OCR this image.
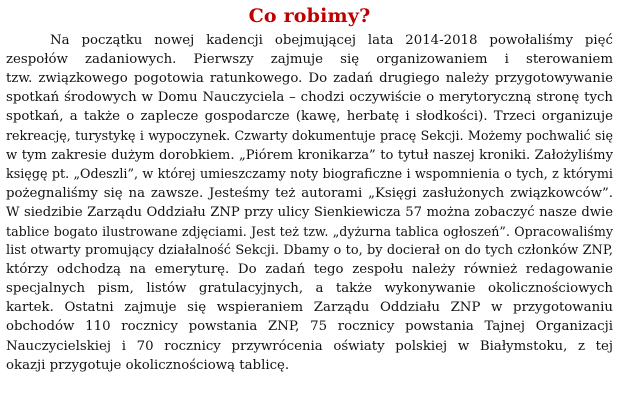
Co robimy?
Na początku nowej kadencji obejmującej lata 2014-2018 powołaliśmy pięć
zespołów zadaniowych. Pierwszy zajmuje się organizowaniem i sterowaniem
tzw. związkowego pogotowia ratunkowego. Do zadań drugiego należy przygotowywanie
spotkań środowych w Domu Nauczyciela – chodzi oczywiście o merytoryczną stronę tych
spotkań, a także o zaplecze gospodarcze (kawę, herbatę i słodkości). Trzeci organizuje
rekreację, turystykę i wypoczynek. Czwarty dokumentuje pracę Sekcji. Możemy pochwalić się
w tym zakresie dużym dorobkiem. „Piórem kronikarza” to tytuł naszej kroniki. Założyliśmy
księgę pt. „Odeszli”, w której umieszczamy noty biograficzne i wspomnienia o tych, z którymi
pożegnaliśmy się na zawsze. Jesteśmy też autorami „Księgi zasłużonych związkowców”.
W siedzibie Zarządu Oddziału ZNP przy ulicy Sienkiewicza 57 można zobaczyć nasze dwie
tablice bogato ilustrowane zdjęciami. Jest też tzw. „dyżurna tablica ogłoszeń”. Opracowaliśmy
list otwarty promujący działalność Sekcji. Dbamy o to, by docierał on do tych członków ZNP,
którzy odchodzą na emeryturę. Do zadań tego zespołu należy również redagowanie
specjalnych pism, listów gratulacyjnych, a także wykonywanie okolicznościowych
kartek. Ostatni zajmuje się wspieraniem Zarządu Oddziału ZNP w przygotowaniu
obchodów 110 rocznicy powstania ZNP, 75 rocznicy powstania Tajnej Organizacji
Nauczycielskiej i 70 rocznicy przywrócenia oświaty polskiej w Białymstoku, z tej
okazji przygotuje okolicznościową tablicę.
